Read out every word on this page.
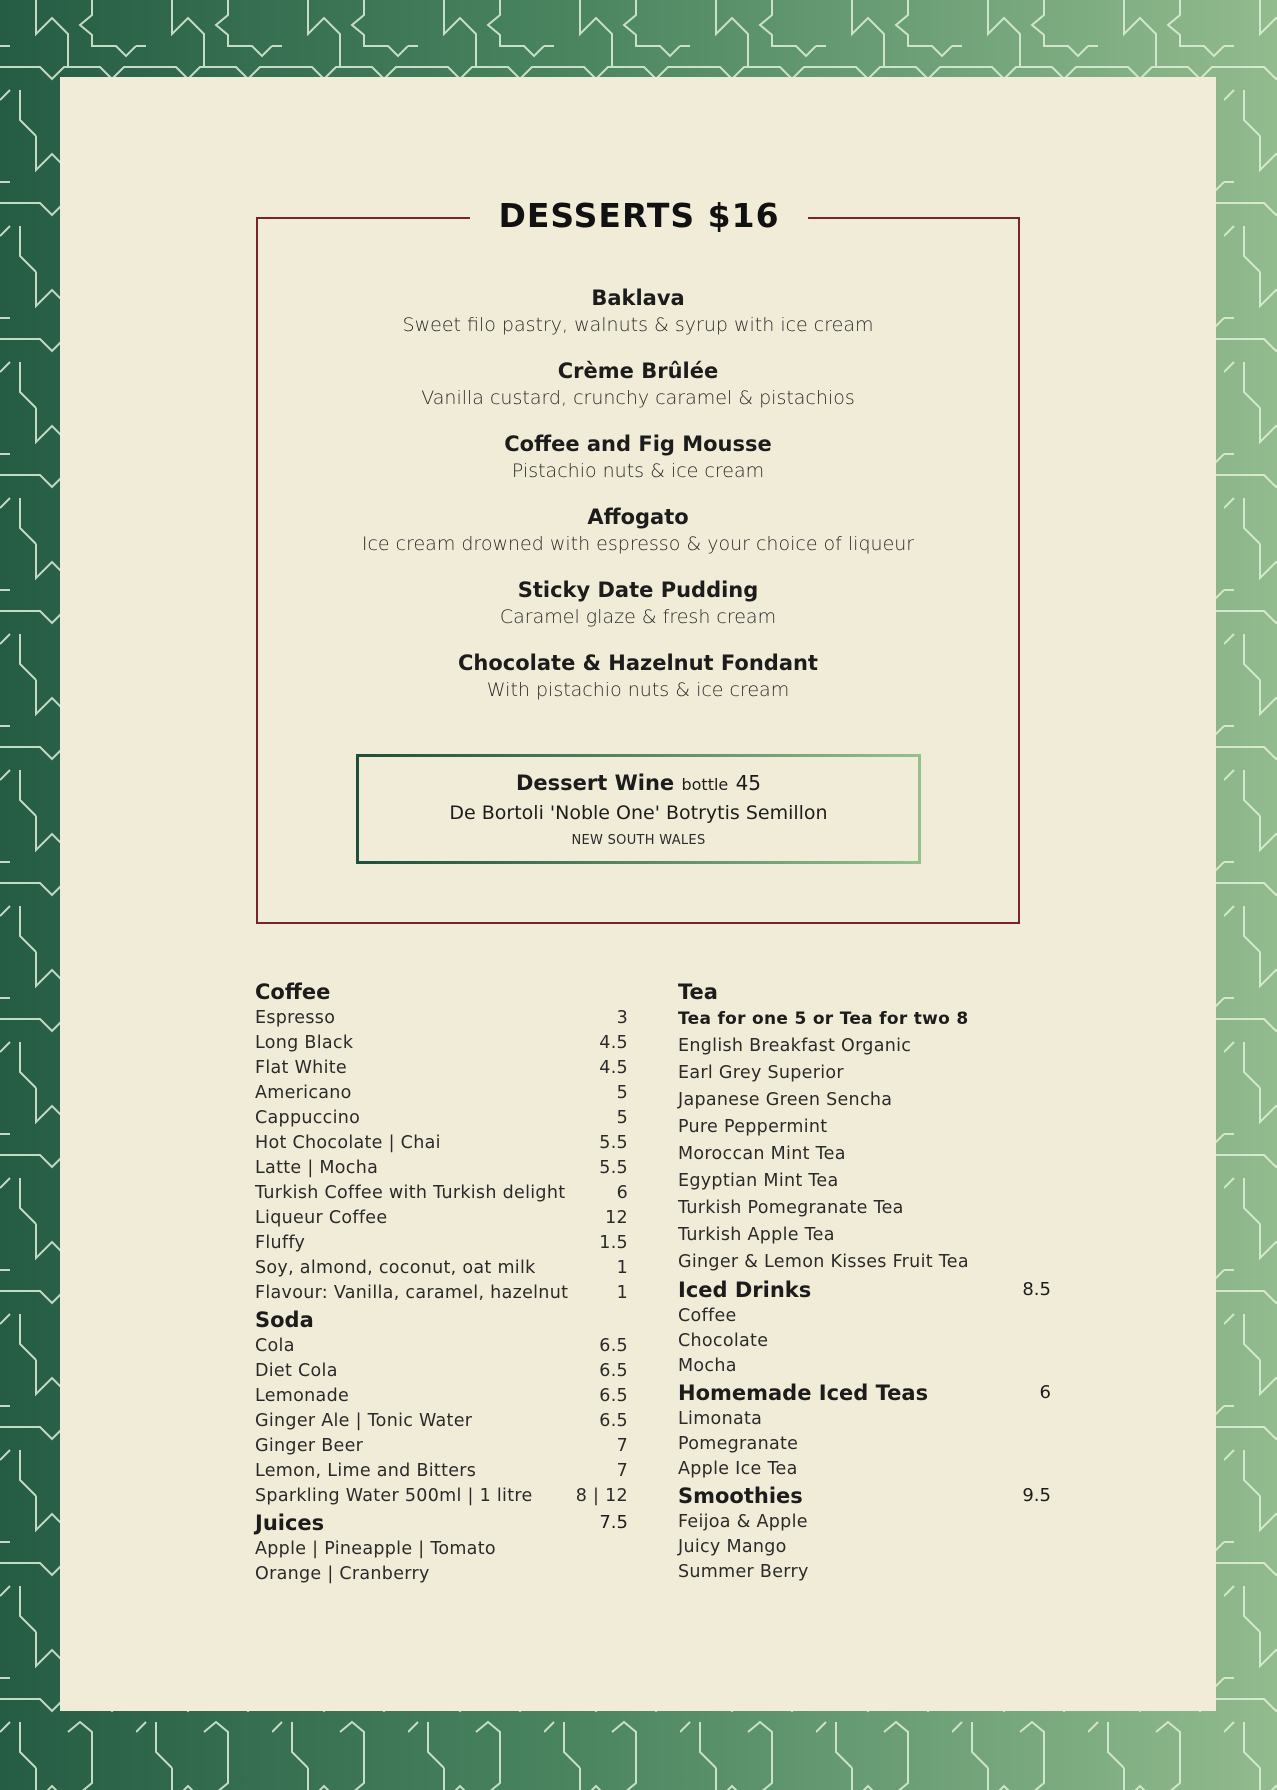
DESSERTS $16
Baklava
Sweet filo pastry, walnuts & syrup with ice cream
Crème Brûlée
Vanilla custard, crunchy caramel & pistachios
Coffee and Fig Mousse
Pistachio nuts & ice cream
Affogato
Ice cream drowned with espresso & your choice of liqueur
Sticky Date Pudding
Caramel glaze & fresh cream
Chocolate & Hazelnut Fondant
With pistachio nuts & ice cream
Dessert Wine bottle 45
De Bortoli 'Noble One' Botrytis Semillon
NEW SOUTH WALES
Coffee
Espresso	3
Long Black	4.5
Flat White	4.5
Americano	5
Cappuccino	5
Hot Chocolate | Chai	5.5
Latte | Mocha	5.5
Turkish Coffee with Turkish delight	6
Liqueur Coffee	12
Fluffy	1.5
Soy, almond, coconut, oat milk	1
Flavour: Vanilla, caramel, hazelnut	1
Soda
Cola	6.5
Diet Cola	6.5
Lemonade	6.5
Ginger Ale | Tonic Water	6.5
Ginger Beer	7
Lemon, Lime and Bitters	7
Sparkling Water 500ml | 1 litre 8 | 12
Juices	7.5
Apple | Pineapple | Tomato
Orange | Cranberry
Tea
Tea for one 5 or Tea for two 8
English Breakfast Organic
Earl Grey Superior
Japanese Green Sencha
Pure Peppermint
Moroccan Mint Tea
Egyptian Mint Tea
Turkish Pomegranate Tea
Turkish Apple Tea
Ginger & Lemon Kisses Fruit Tea
Iced Drinks	8.5
Coffee
Chocolate
Mocha
Homemade Iced Teas	6
Limonata
Pomegranate
Apple Ice Tea
Smoothies	9.5
Feijoa & Apple
Juicy Mango
Summer Berry
